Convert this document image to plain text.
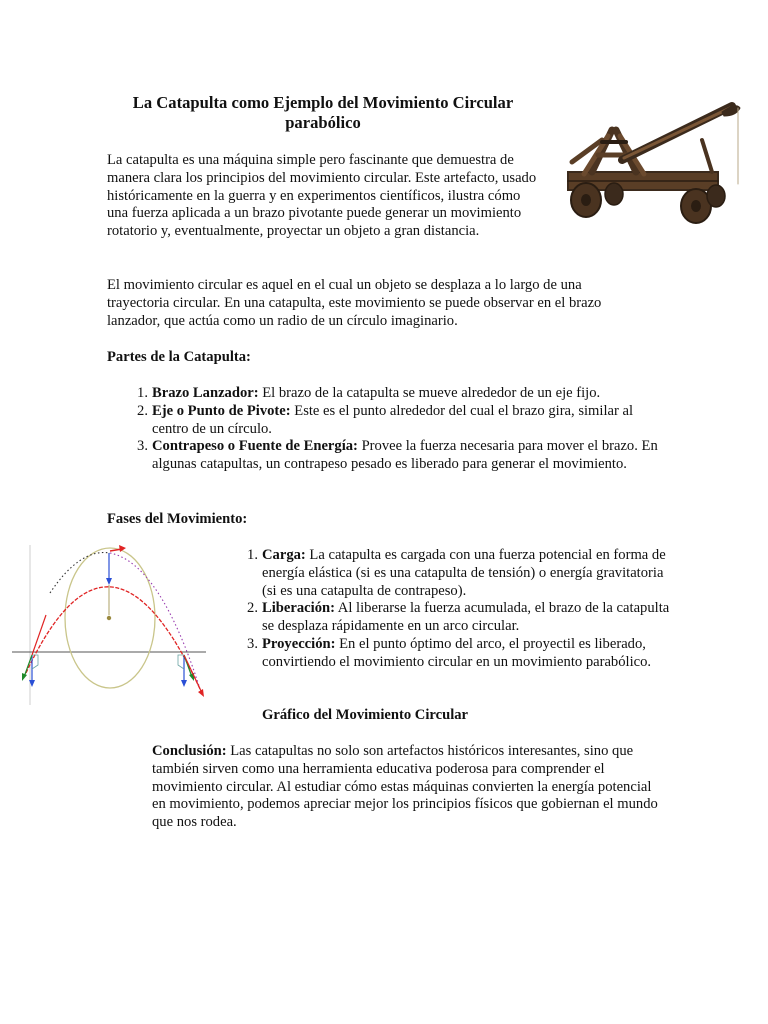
La Catapulta como Ejemplo del Movimiento Circular parabólico

La catapulta es una máquina simple pero fascinante que demuestra de manera clara los principios del movimiento circular. Este artefacto, usado históricamente en la guerra y en experimentos científicos, ilustra cómo una fuerza aplicada a un brazo pivotante puede generar un movimiento rotatorio y, eventualmente, proyectar un objeto a gran distancia.

El movimiento circular es aquel en el cual un objeto se desplaza a lo largo de una trayectoria circular. En una catapulta, este movimiento se puede observar en el brazo lanzador, que actúa como un radio de un círculo imaginario.

Partes de la Catapulta:

1. Brazo Lanzador: El brazo de la catapulta se mueve alrededor de un eje fijo.
2. Eje o Punto de Pivote: Este es el punto alrededor del cual el brazo gira, similar al centro de un círculo.
3. Contrapeso o Fuente de Energía: Provee la fuerza necesaria para mover el brazo. En algunas catapultas, un contrapeso pesado es liberado para generar el movimiento.

Fases del Movimiento:

1. Carga: La catapulta es cargada con una fuerza potencial en forma de energía elástica (si es una catapulta de tensión) o energía gravitatoria (si es una catapulta de contrapeso).
2. Liberación: Al liberarse la fuerza acumulada, el brazo de la catapulta se desplaza rápidamente en un arco circular.
3. Proyección: En el punto óptimo del arco, el proyectil es liberado, convirtiendo el movimiento circular en un movimiento parabólico.

Gráfico del Movimiento Circular

Conclusión: Las catapultas no solo son artefactos históricos interesantes, sino que también sirven como una herramienta educativa poderosa para comprender el movimiento circular. Al estudiar cómo estas máquinas convierten la energía potencial en movimiento, podemos apreciar mejor los principios físicos que gobiernan el mundo que nos rodea.
